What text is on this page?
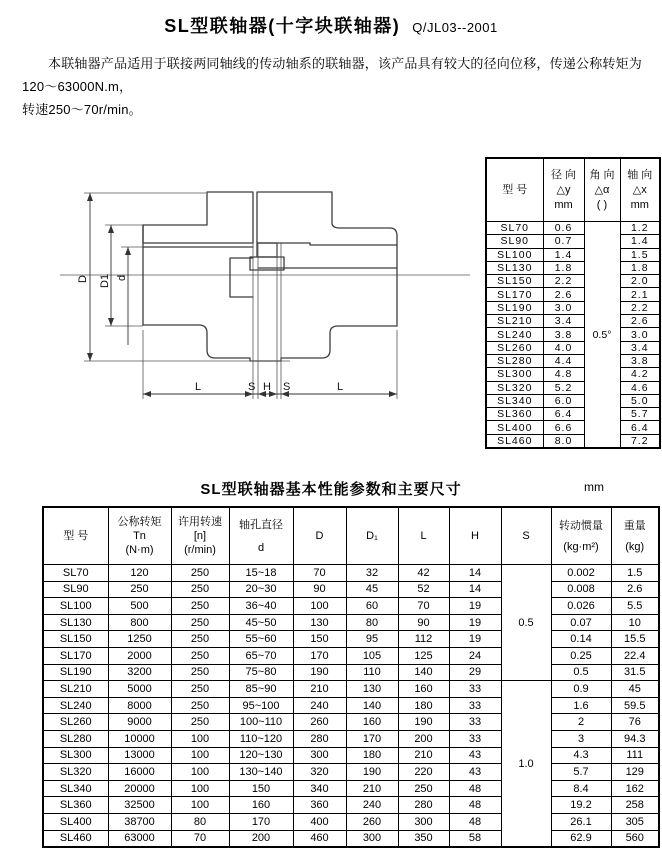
SL型联轴器(十字块联轴器) Q/JL03--2001
本联轴器产品适用于联接两同轴线的传动轴系的联轴器，该产品具有较大的径向位移，传递公称转矩为120～63000N.m，
转速250～70r/min。
D D1 d
L	S H S	L
型 号	
径 向
△y
mm

角 向
△α
( )

轴 向
△x
mm

SL70	0.6	0.5°	1.2
SL90	0.7		1.4
SL100	1.4		1.5
SL130	1.8		1.8
SL150	2.2		2.0
SL170	2.6		2.1
SL190	3.0		2.2
SL210	3.4		2.6
SL240	3.8		3.0
SL260	4.0		3.4
SL280	4.4		3.8
SL300	4.8		4.2
SL320	5.2		4.6
SL340	6.0		5.0
SL360	6.4		5.7
SL400	6.6		6.4
SL460	8.0		7.2
SL型联轴器基本性能参数和主要尺寸	mm
型 号	
公称转矩
Tn
(N·m)

许用转速
[n]
(r/min)

轴孔直径
d
	D	D₁	L	H	S	
转动惯量
(kg·m²)

重量
(kg)

SL70	120	250	15~18	70	32	42	14	0.5	0.002	1.5
SL90	250	250	20~30	90	45	52	14		0.008	2.6
SL100	500	250	36~40	100	60	70	19		0.026	5.5
SL130	800	250	45~50	130	80	90	19		0.07	10
SL150	1250	250	55~60	150	95	112	19		0.14	15.5
SL170	2000	250	65~70	170	105	125	24		0.25	22.4
SL190	3200	250	75~80	190	110	140	29		0.5	31.5
SL210	5000	250	85~90	210	130	160	33	1.0	0.9	45
SL240	8000	250	95~100	240	140	180	33		1.6	59.5
SL260	9000	250	100~110	260	160	190	33		2	76
SL280	10000	100	110~120	280	170	200	33		3	94.3
SL300	13000	100	120~130	300	180	210	43		4.3	111
SL320	16000	100	130~140	320	190	220	43		5.7	129
SL340	20000	100	150	340	210	250	48		8.4	162
SL360	32500	100	160	360	240	280	48		19.2	258
SL400	38700	80	170	400	260	300	48		26.1	305
SL460	63000	70	200	460	300	350	58		62.9	560
